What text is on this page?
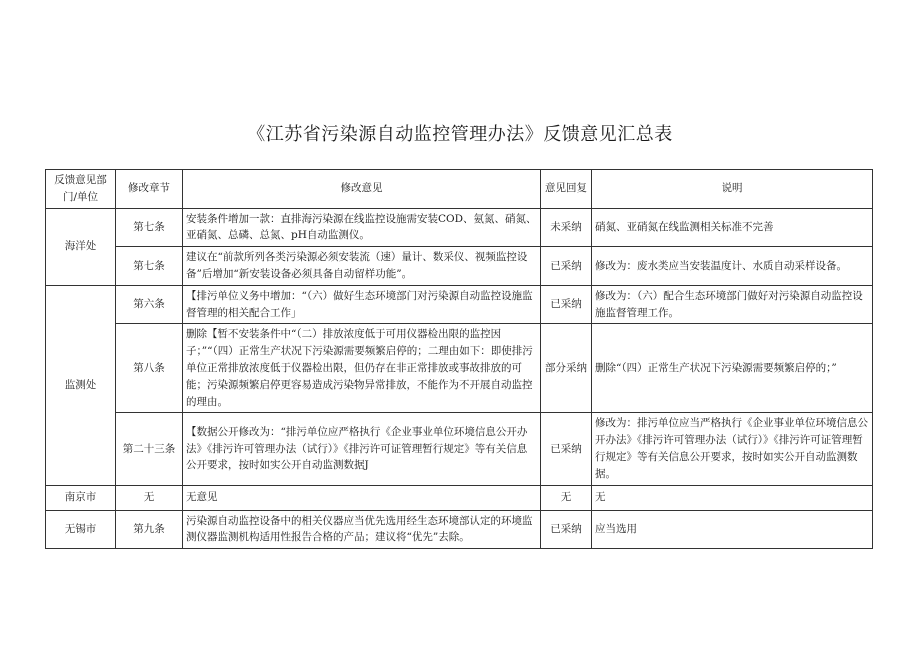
《江苏省污染源自动监控管理办法》反馈意见汇总表
反馈意见部门/单位	修改章节	修改意见	意见回复	说明
海洋处	第七条	安装条件增加一款：直排海污染源在线监控设施需安装COD、氨氮、硝氮、亚硝氮、总磷、总氮、pH自动监测仪。	未采纳	硝氮、亚硝氮在线监测相关标准不完善
	第七条	建议在“前款所列各类污染源必须安装流（速）量计、数采仪、视频监控设备”后增加“新安装设备必须具备自动留样功能”。	已采纳	修改为：废水类应当安装温度计、水质自动采样设备。
监测处	第六条	【排污单位义务中增加：“（六）做好生态环境部门对污染源自动监控设施监督管理的相关配合工作」	已采纳	修改为：（六）配合生态环境部门做好对污染源自动监控设施监督管理工作。
	第八条	删除【暂不安装条件中“（二）排放浓度低于可用仪器检出限的监控因子；”“（四）正常生产状况下污染源需要频繁启停的；二理由如下：即使排污单位正常排放浓度低于仪器检出限，但仍存在非正常排放或事故排放的可能；污染源频繁启停更容易造成污染物异常排放，不能作为不开展自动监控的理由。	部分采纳	删除“（四）正常生产状况下污染源需要频繁启停的；”
	第二十三条	【数据公开修改为：“排污单位应严格执行《企业事业单位环境信息公开办法》《排污许可管理办法（试行）》《排污许可证管理暂行规定》等有关信息公开要求，按时如实公开自动监测数据J	已采纳	修改为：排污单位应当严格执行《企业事业单位环境信息公开办法》《排污许可管理办法（试行）》《排污许可证管理暂行规定》等有关信息公开要求，按时如实公开自动监测数据。
南京市	无	无意见	无	无
无锡市	第九条	污染源自动监控设备中的相关仪器应当优先选用经生态环境部认定的环境监测仪器监测机构适用性报告合格的产品；建议将“优先”去除。	已采纳	应当选用
